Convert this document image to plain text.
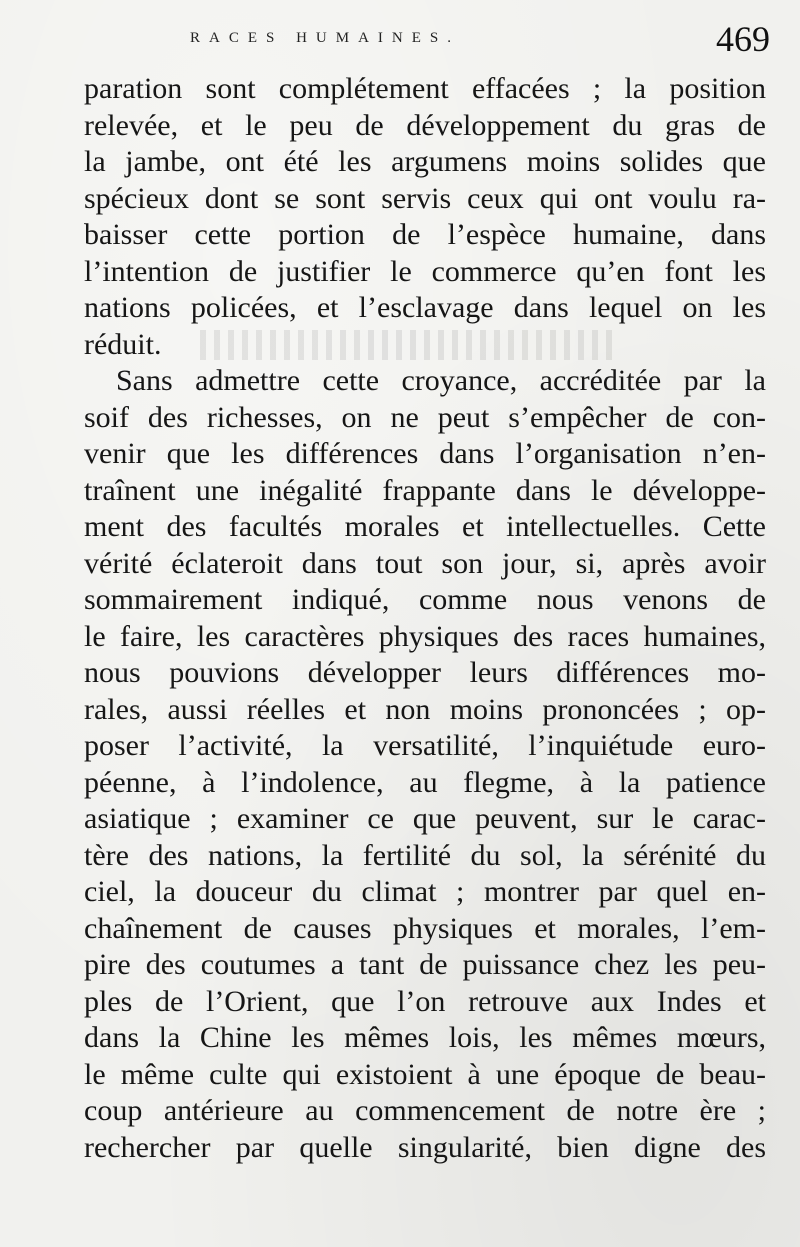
RACES HUMAINES.	469
paration sont complétement effacées ; la position
relevée, et le peu de développement du gras de
la jambe, ont été les argumens moins solides que
spécieux dont se sont servis ceux qui ont voulu ra-
baisser cette portion de l’espèce humaine, dans
l’intention de justifier le commerce qu’en font les
nations policées, et l’esclavage dans lequel on les
réduit.
Sans admettre cette croyance, accréditée par la
soif des richesses, on ne peut s’empêcher de con-
venir que les différences dans l’organisation n’en-
traînent une inégalité frappante dans le développe-
ment des facultés morales et intellectuelles. Cette
vérité éclateroit dans tout son jour, si, après avoir
sommairement indiqué, comme nous venons de
le faire, les caractères physiques des races humaines,
nous pouvions développer leurs différences mo-
rales, aussi réelles et non moins prononcées ; op-
poser l’activité, la versatilité, l’inquiétude euro-
péenne, à l’indolence, au flegme, à la patience
asiatique ; examiner ce que peuvent, sur le carac-
tère des nations, la fertilité du sol, la sérénité du
ciel, la douceur du climat ; montrer par quel en-
chaînement de causes physiques et morales, l’em-
pire des coutumes a tant de puissance chez les peu-
ples de l’Orient, que l’on retrouve aux Indes et
dans la Chine les mêmes lois, les mêmes mœurs,
le même culte qui existoient à une époque de beau-
coup antérieure au commencement de notre ère ;
rechercher par quelle singularité, bien digne des
